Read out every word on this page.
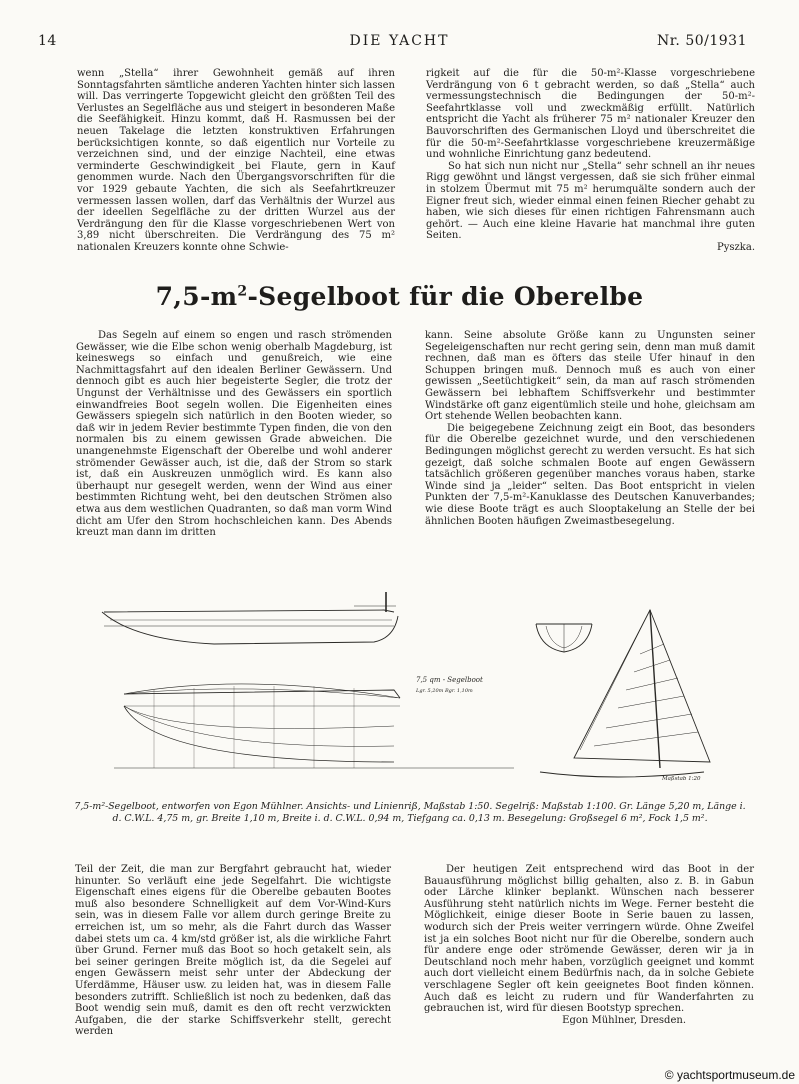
14	DIE YACHT	Nr. 50/1931

wenn „Stella“ ihrer Gewohnheit gemäß auf ihren Sonntagsfahrten sämtliche anderen Yachten hinter sich lassen will. Das verringerte Topgewicht gleicht den größten Teil des Verlustes an Segelfläche aus und steigert in besonderen Maße die Seefähigkeit. Hinzu kommt, daß H. Rasmussen bei der neuen Takelage die letzten konstruktiven Erfahrungen berücksichtigen konnte, so daß eigentlich nur Vorteile zu verzeichnen sind, und der einzige Nachteil, eine etwas verminderte Geschwindigkeit bei Flaute, gern in Kauf genommen wurde. Nach den Übergangsvorschriften für die vor 1929 gebaute Yachten, die sich als Seefahrtkreuzer vermessen lassen wollen, darf das Verhältnis der Wurzel aus der ideellen Segelfläche zu der dritten Wurzel aus der Verdrängung den für die Klasse vorgeschriebenen Wert von 3,89 nicht überschreiten. Die Verdrängung des 75 m² nationalen Kreuzers konnte ohne Schwie-

rigkeit auf die für die 50-m²-Klasse vorgeschriebene Verdrängung von 6 t gebracht werden, so daß „Stella“ auch vermessungstechnisch die Bedingungen der 50-m²-Seefahrtklasse voll und zweckmäßig erfüllt. Natürlich entspricht die Yacht als früherer 75 m² nationaler Kreuzer den Bauvorschriften des Germanischen Lloyd und überschreitet die für die 50-m²-Seefahrtklasse vorgeschriebene kreuzermäßige und wohnliche Einrichtung ganz bedeutend.

So hat sich nun nicht nur „Stella“ sehr schnell an ihr neues Rigg gewöhnt und längst vergessen, daß sie sich früher einmal in stolzem Übermut mit 75 m² herumquälte sondern auch der Eigner freut sich, wieder einmal einen feinen Riecher gehabt zu haben, wie sich dieses für einen richtigen Fahrensmann auch gehört. — Auch eine kleine Havarie hat manchmal ihre guten Seiten.

Pyszka.

$7,5-m^2$-Segelboot für die Oberelbe

Das Segeln auf einem so engen und rasch strömenden Gewässer, wie die Elbe schon wenig oberhalb Magdeburg, ist keineswegs so einfach und genußreich, wie eine Nachmittagsfahrt auf den idealen Berliner Gewässern. Und dennoch gibt es auch hier begeisterte Segler, die trotz der Ungunst der Verhältnisse und des Gewässers ein sportlich einwandfreies Boot segeln wollen. Die Eigenheiten eines Gewässers spiegeln sich natürlich in den Booten wieder, so daß wir in jedem Revier bestimmte Typen finden, die von den normalen bis zu einem gewissen Grade abweichen. Die unangenehmste Eigenschaft der Oberelbe und wohl anderer strömender Gewässer auch, ist die, daß der Strom so stark ist, daß ein Auskreuzen unmöglich wird. Es kann also überhaupt nur gesegelt werden, wenn der Wind aus einer bestimmten Richtung weht, bei den deutschen Strömen also etwa aus dem westlichen Quadranten, so daß man vorm Wind dicht am Ufer den Strom hochschleichen kann. Des Abends kreuzt man dann im dritten

kann. Seine absolute Größe kann zu Ungunsten seiner Segeleigenschaften nur recht gering sein, denn man muß damit rechnen, daß man es öfters das steile Ufer hinauf in den Schuppen bringen muß. Dennoch muß es auch von einer gewissen „Seetüchtigkeit“ sein, da man auf rasch strömenden Gewässern bei lebhaftem Schiffsverkehr und bestimmter Windstärke oft ganz eigentümlich steile und hohe, gleichsam am Ort stehende Wellen beobachten kann.

Die beigegebene Zeichnung zeigt ein Boot, das besonders für die Oberelbe gezeichnet wurde, und den verschiedenen Bedingungen möglichst gerecht zu werden versucht. Es hat sich gezeigt, daß solche schmalen Boote auf engen Gewässern tatsächlich größeren gegenüber manches voraus haben, starke Winde sind ja „leider“ selten. Das Boot entspricht in vielen Punkten der 7,5-m²-Kanuklasse des Deutschen Kanuverbandes; wie diese Boote trägt es auch Slooptakelung an Stelle der bei ähnlichen Booten häufigen Zweimastbesegelung.

7,5 qm - Segelboot
Lgr. 5,20m Bgr. 1,10m
Maßstab 1:20
7,5-m²-Segelboot, entworfen von Egon Mühlner. Ansichts- und Linienriß, Maßstab 1:50. Segelriß: Maßstab 1:100. Gr. Länge 5,20 m, Länge i. d. C.W.L. 4,75 m, gr. Breite 1,10 m, Breite i. d. C.W.L. 0,94 m, Tiefgang ca. 0,13 m. Besegelung: Großsegel 6 m², Fock 1,5 m².

Teil der Zeit, die man zur Bergfahrt gebraucht hat, wieder hinunter. So verläuft eine jede Segelfahrt. Die wichtigste Eigenschaft eines eigens für die Oberelbe gebauten Bootes muß also besondere Schnelligkeit auf dem Vor-Wind-Kurs sein, was in diesem Falle vor allem durch geringe Breite zu erreichen ist, um so mehr, als die Fahrt durch das Wasser dabei stets um ca. 4 km/std größer ist, als die wirkliche Fahrt über Grund. Ferner muß das Boot so hoch getakelt sein, als bei seiner geringen Breite möglich ist, da die Segelei auf engen Gewässern meist sehr unter der Abdeckung der Uferdämme, Häuser usw. zu leiden hat, was in diesem Falle besonders zutrifft. Schließlich ist noch zu bedenken, daß das Boot wendig sein muß, damit es den oft recht verzwickten Aufgaben, die der starke Schiffsverkehr stellt, gerecht werden

Der heutigen Zeit entsprechend wird das Boot in der Bauausführung möglichst billig gehalten, also z. B. in Gabun oder Lärche klinker beplankt. Wünschen nach besserer Ausführung steht natürlich nichts im Wege. Ferner besteht die Möglichkeit, einige dieser Boote in Serie bauen zu lassen, wodurch sich der Preis weiter verringern würde. Ohne Zweifel ist ja ein solches Boot nicht nur für die Oberelbe, sondern auch für andere enge oder strömende Gewässer, deren wir ja in Deutschland noch mehr haben, vorzüglich geeignet und kommt auch dort vielleicht einem Bedürfnis nach, da in solche Gebiete verschlagene Segler oft kein geeignetes Boot finden können. Auch daß es leicht zu rudern und für Wanderfahrten zu gebrauchen ist, wird für diesen Bootstyp sprechen.

Egon Mühlner, Dresden.

© yachtsportmuseum.de
